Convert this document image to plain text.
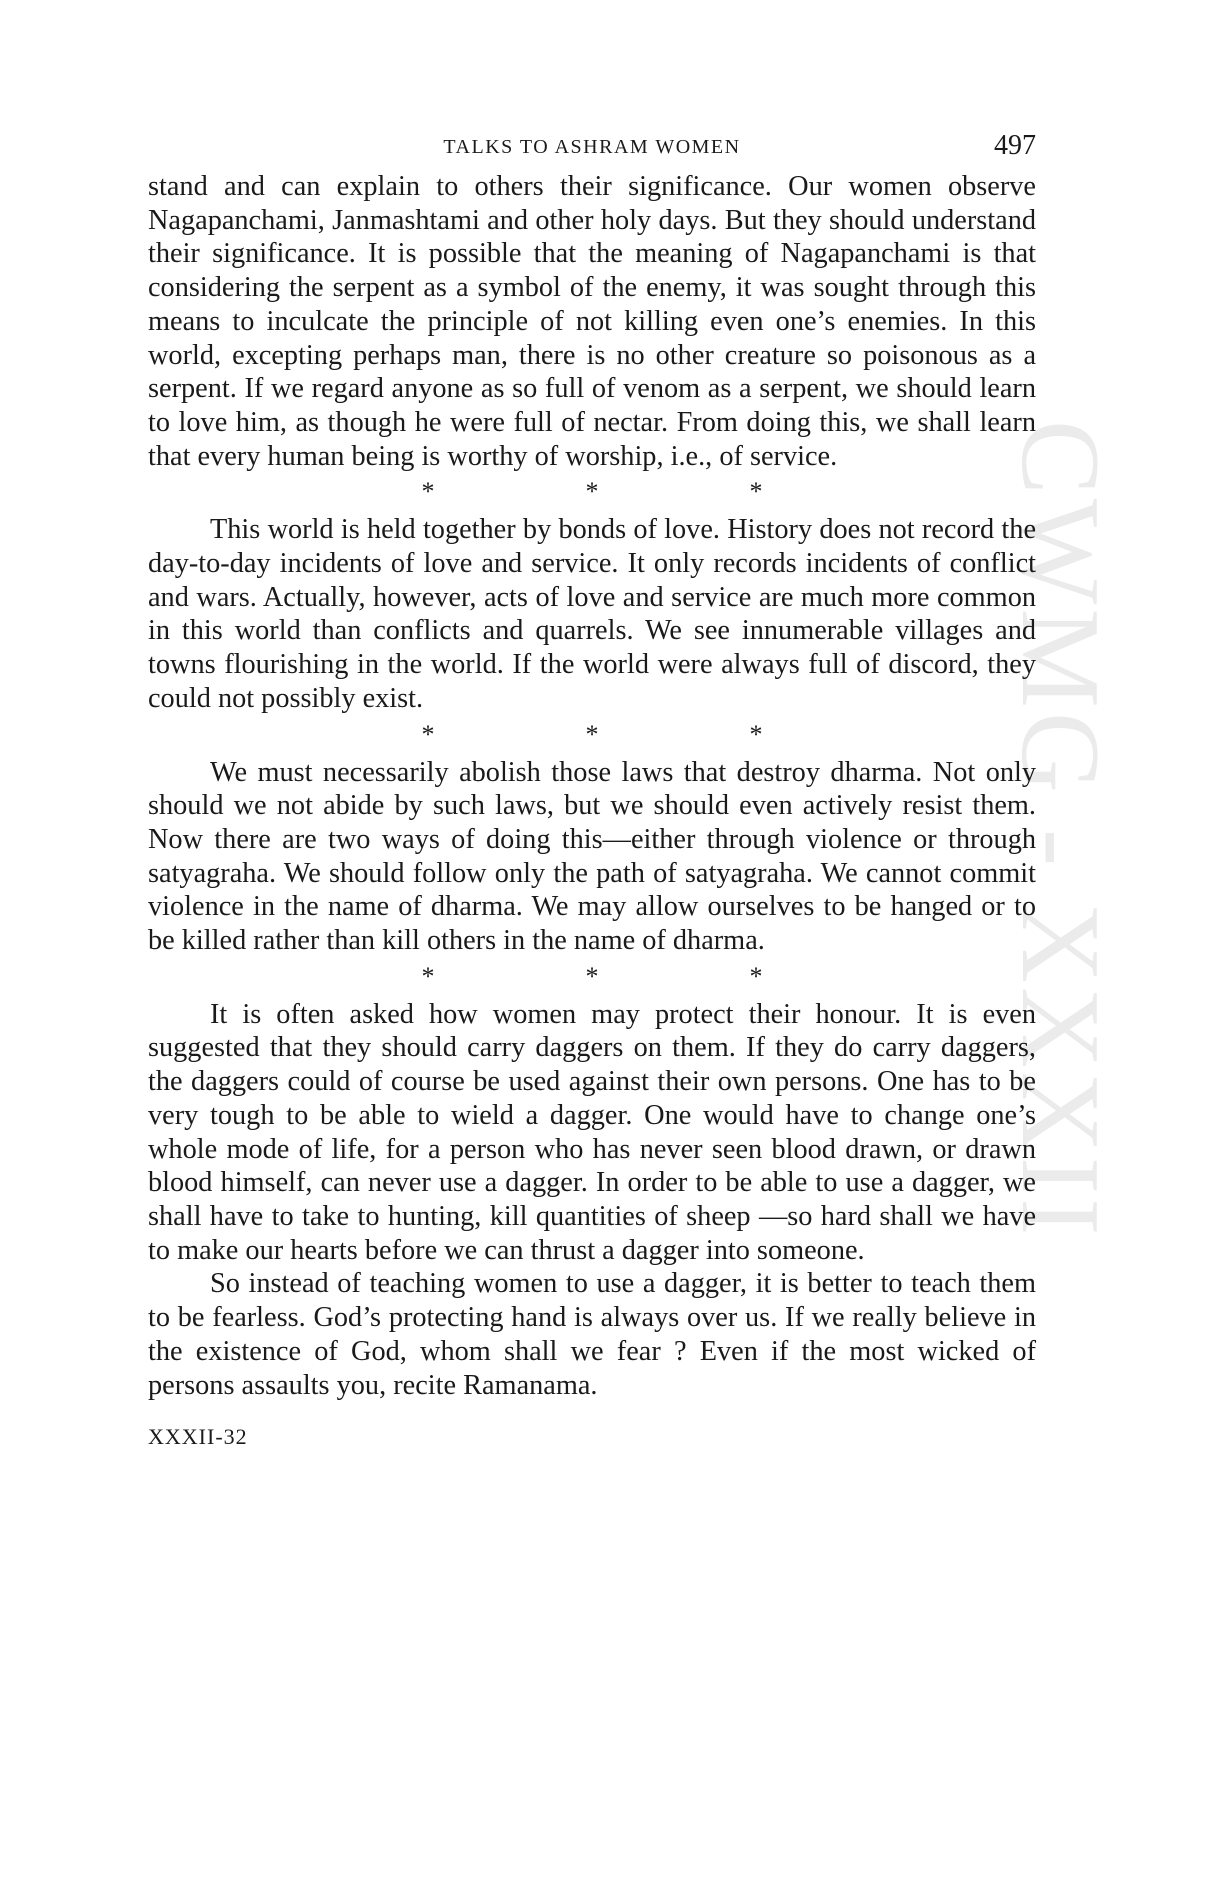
CWMG - XXXII
TALKS TO ASHRAM WOMEN	497

stand and can explain to others their significance. Our women observe Nagapanchami, Janmashtami and other holy days. But they should understand their significance. It is possible that the meaning of Nagapanchami is that considering the serpent as a symbol of the enemy, it was sought through this means to inculcate the principle of not killing even one’s enemies. In this world, excepting perhaps man, there is no other creature so poisonous as a serpent. If we regard anyone as so full of venom as a serpent, we should learn to love him, as though he were full of nectar. From doing this, we shall learn that every human being is worthy of worship, i.e., of service.

*	*	*

This world is held together by bonds of love. History does not record the day-to-day incidents of love and service. It only records incidents of conflict and wars. Actually, however, acts of love and service are much more common in this world than conflicts and quarrels. We see innumerable villages and towns flourishing in the world. If the world were always full of discord, they could not possibly exist.

*	*	*

We must necessarily abolish those laws that destroy dharma. Not only should we not abide by such laws, but we should even actively resist them. Now there are two ways of doing this—either through violence or through satyagraha. We should follow only the path of satyagraha. We cannot commit violence in the name of dharma. We may allow ourselves to be hanged or to be killed rather than kill others in the name of dharma.

*	*	*

It is often asked how women may protect their honour. It is even suggested that they should carry daggers on them. If they do carry daggers, the daggers could of course be used against their own persons. One has to be very tough to be able to wield a dagger. One would have to change one’s whole mode of life, for a person who has never seen blood drawn, or drawn blood himself, can never use a dagger. In order to be able to use a dagger, we shall have to take to hunting, kill quantities of sheep —so hard shall we have to make our hearts before we can thrust a dagger into someone.

So instead of teaching women to use a dagger, it is better to teach them to be fearless. God’s protecting hand is always over us. If we really believe in the existence of God, whom shall we fear ? Even if the most wicked of persons assaults you, recite Ramanama.

XXXII-32
